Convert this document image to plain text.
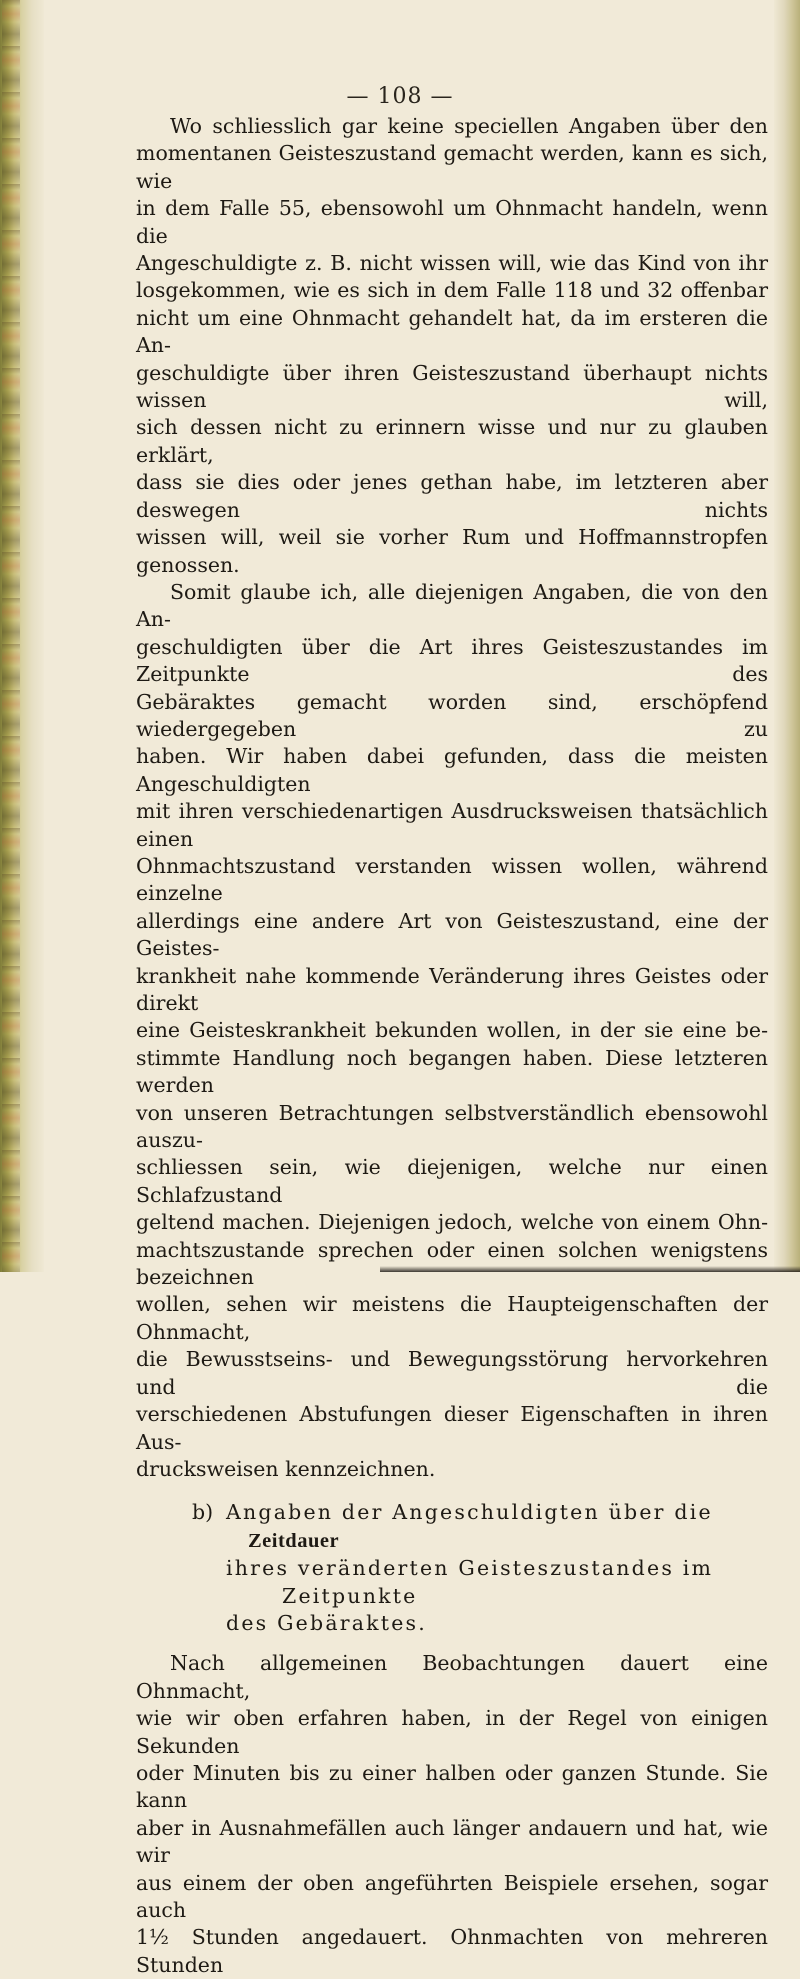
— 108 —
Wo schliesslich gar keine speciellen Angaben über den
momentanen Geisteszustand gemacht werden, kann es sich, wie
in dem Falle 55, ebensowohl um Ohnmacht handeln, wenn die
Angeschuldigte z. B. nicht wissen will, wie das Kind von ihr
losgekommen, wie es sich in dem Falle 118 und 32 offenbar
nicht um eine Ohnmacht gehandelt hat, da im ersteren die An-
geschuldigte über ihren Geisteszustand überhaupt nichts wissen will,
sich dessen nicht zu erinnern wisse und nur zu glauben erklärt,
dass sie dies oder jenes gethan habe, im letzteren aber deswegen nichts
wissen will, weil sie vorher Rum und Hoffmannstropfen genossen.
Somit glaube ich, alle diejenigen Angaben, die von den An-
geschuldigten über die Art ihres Geisteszustandes im Zeitpunkte des
Gebäraktes gemacht worden sind, erschöpfend wiedergegeben zu
haben. Wir haben dabei gefunden, dass die meisten Angeschuldigten
mit ihren verschiedenartigen Ausdrucksweisen thatsächlich einen
Ohnmachtszustand verstanden wissen wollen, während einzelne
allerdings eine andere Art von Geisteszustand, eine der Geistes-
krankheit nahe kommende Veränderung ihres Geistes oder direkt
eine Geisteskrankheit bekunden wollen, in der sie eine be-
stimmte Handlung noch begangen haben. Diese letzteren werden
von unseren Betrachtungen selbstverständlich ebensowohl auszu-
schliessen sein, wie diejenigen, welche nur einen Schlafzustand
geltend machen. Diejenigen jedoch, welche von einem Ohn-
machtszustande sprechen oder einen solchen wenigstens bezeichnen
wollen, sehen wir meistens die Haupteigenschaften der Ohnmacht,
die Bewusstseins- und Bewegungsstörung hervorkehren und die
verschiedenen Abstufungen dieser Eigenschaften in ihren Aus-
drucksweisen kennzeichnen.
b) Angaben der Angeschuldigten über die Zeitdauer
ihres veränderten Geisteszustandes im Zeitpunkte
des Gebäraktes.
Nach allgemeinen Beobachtungen dauert eine Ohnmacht,
wie wir oben erfahren haben, in der Regel von einigen Sekunden
oder Minuten bis zu einer halben oder ganzen Stunde. Sie kann
aber in Ausnahmefällen auch länger andauern und hat, wie wir
aus einem der oben angeführten Beispiele ersehen, sogar auch
1½ Stunden angedauert. Ohnmachten von mehreren Stunden
